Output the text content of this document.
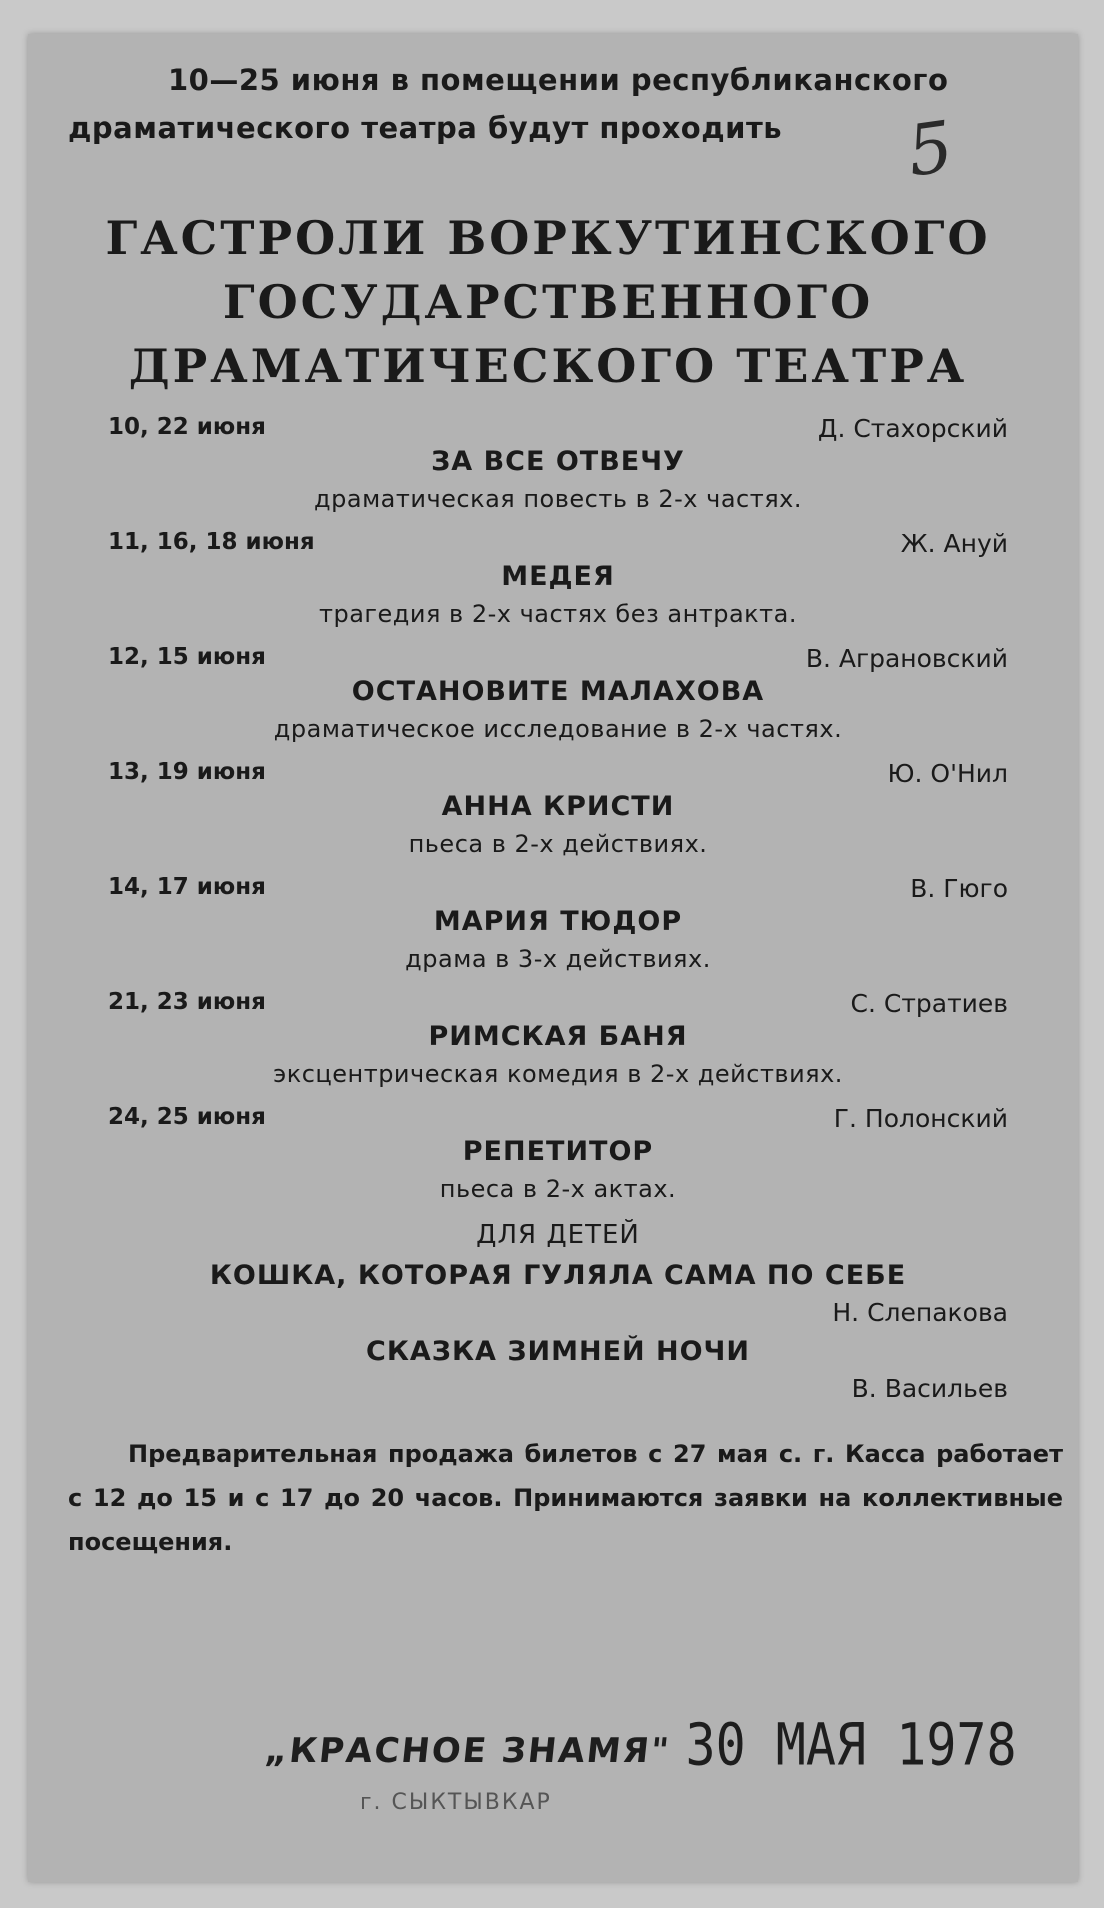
10—25 июня в помещении республиканского
драматического театра будут проходить	5
ГАСТРОЛИ ВОРКУТИНСКОГО
ГОСУДАРСТВЕННОГО
ДРАМАТИЧЕСКОГО ТЕАТРА
10, 22 июня	Д. Стахорский
ЗА ВСЕ ОТВЕЧУ
драматическая повесть в 2-х частях.
11, 16, 18 июня	Ж. Ануй
МЕДЕЯ
трагедия в 2-х частях без антракта.
12, 15 июня	В. Аграновский
ОСТАНОВИТЕ МАЛАХОВА
драматическое исследование в 2-х частях.
13, 19 июня	Ю. О'Нил
АННА КРИСТИ
пьеса в 2-х действиях.
14, 17 июня	В. Гюго
МАРИЯ ТЮДОР
драма в 3-х действиях.
21, 23 июня	С. Стратиев
РИМСКАЯ БАНЯ
эксцентрическая комедия в 2-х действиях.
24, 25 июня	Г. Полонский
РЕПЕТИТОР
пьеса в 2-х актах.
ДЛЯ ДЕТЕЙ
КОШКА, КОТОРАЯ ГУЛЯЛА САМА ПО СЕБЕ
Н. Слепакова
СКАЗКА ЗИМНЕЙ НОЧИ
В. Васильев
Предварительная продажа билетов с 27 мая с. г. Касса работает с 12 до 15 и с 17 до 20 часов. Принимаются заявки на коллективные посещения.
„КРАСНОЕ ЗНАМЯ" 30 МАЯ 1978
г. СЫКТЫВКАР
